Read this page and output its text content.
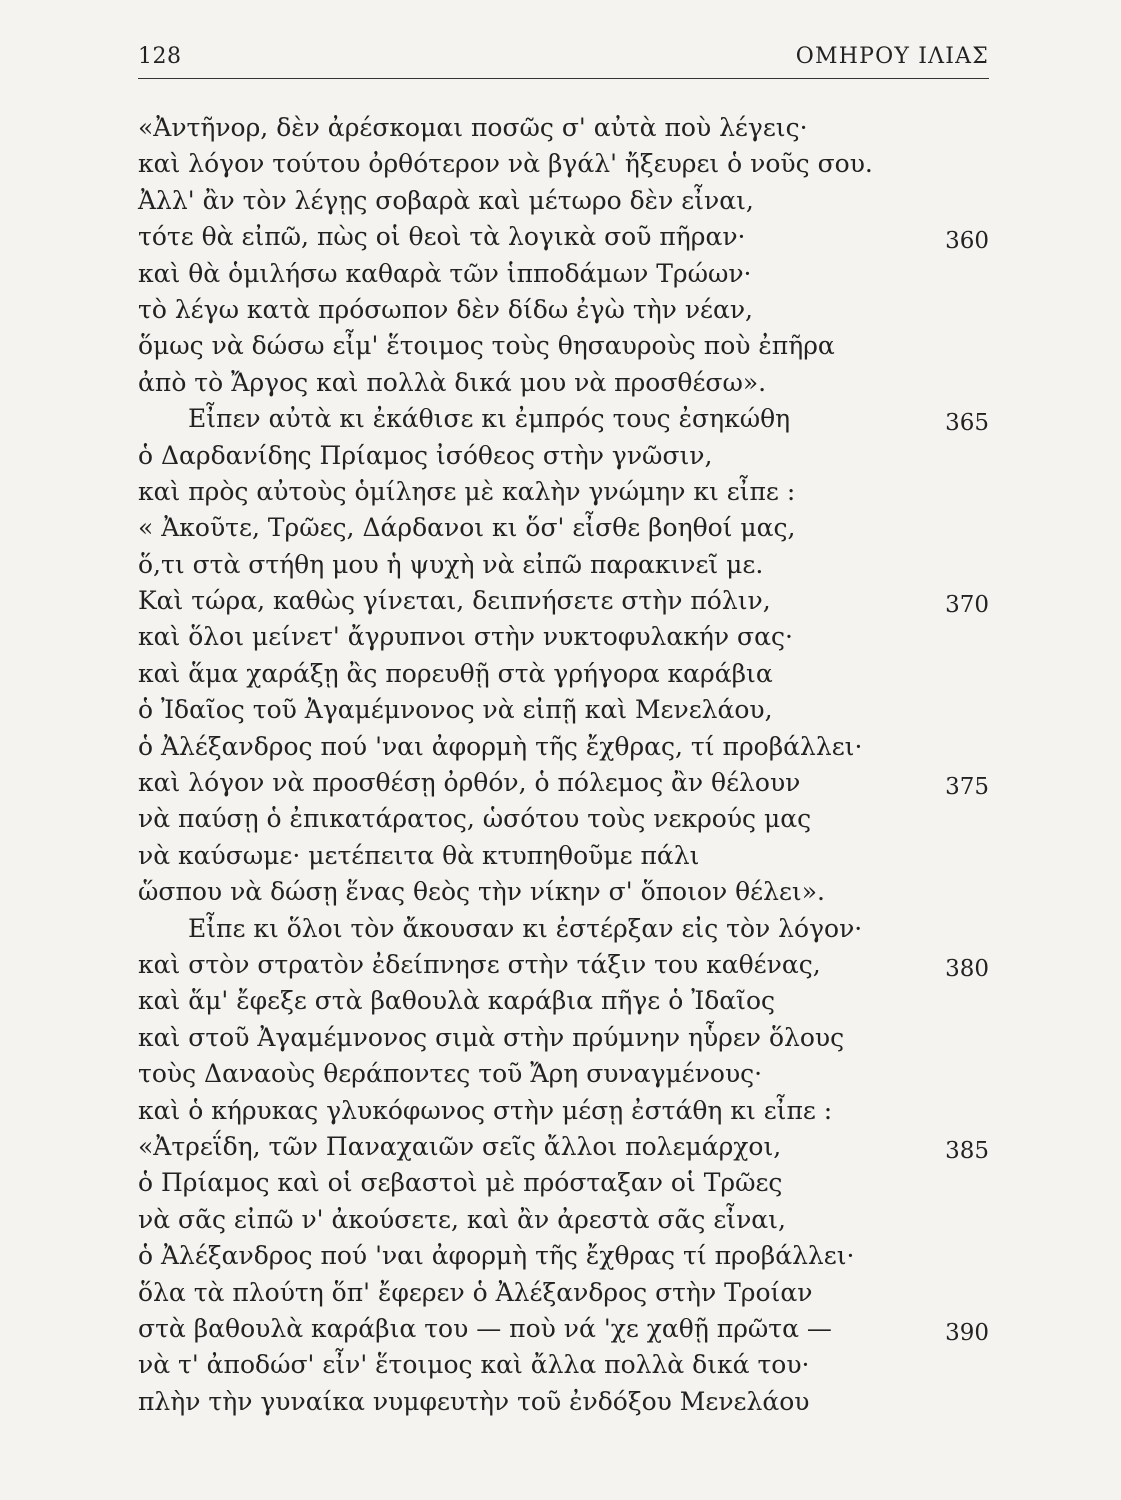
128	ΟΜΗΡΟΥ ΙΛΙΑΣ
«Ἀντῆνορ, δὲν ἀρέσκομαι ποσῶς σ' αὐτὰ ποὺ λέγεις·
καὶ λόγον τούτου ὀρθότερον νὰ βγάλ' ἤξευρει ὁ νοῦς σου.
Ἀλλ' ἂν τὸν λέγῃς σοβαρὰ καὶ μέτωρο δὲν εἶναι,
τότε θὰ εἰπῶ, πὼς οἱ θεοὶ τὰ λογικὰ σοῦ πῆραν·	360
καὶ θὰ ὁμιλήσω καθαρὰ τῶν ἱπποδάμων Τρώων·
τὸ λέγω κατὰ πρόσωπον δὲν δίδω ἐγὼ τὴν νέαν,
ὅμως νὰ δώσω εἶμ' ἕτοιμος τοὺς θησαυροὺς ποὺ ἐπῆρα
ἀπὸ τὸ Ἄργος καὶ πολλὰ δικά μου νὰ προσθέσω».
Εἶπεν αὐτὰ κι ἐκάθισε κι ἐμπρός τους ἐσηκώθη	365
ὁ Δαρδανίδης Πρίαμος ἰσόθεος στὴν γνῶσιν,
καὶ πρὸς αὐτοὺς ὁμίλησε μὲ καλὴν γνώμην κι εἶπε :
« Ἀκοῦτε, Τρῶες, Δάρδανοι κι ὅσ' εἶσθε βοηθοί μας,
ὅ,τι στὰ στήθη μου ἡ ψυχὴ νὰ εἰπῶ παρακινεῖ με.
Καὶ τώρα, καθὼς γίνεται, δειπνήσετε στὴν πόλιν,	370
καὶ ὅλοι μείνετ' ἄγρυπνοι στὴν νυκτοφυλακήν σας·
καὶ ἅμα χαράξῃ ἂς πορευθῇ στὰ γρήγορα καράβια
ὁ Ἰδαῖος τοῦ Ἀγαμέμνονος νὰ εἰπῇ καὶ Μενελάου,
ὁ Ἀλέξανδρος πού 'ναι ἀφορμὴ τῆς ἔχθρας, τί προβάλλει·
καὶ λόγον νὰ προσθέσῃ ὀρθόν, ὁ πόλεμος ἂν θέλουν	375
νὰ παύσῃ ὁ ἐπικατάρατος, ὡσότου τοὺς νεκρούς μας
νὰ καύσωμε· μετέπειτα θὰ κτυπηθοῦμε πάλι
ὥσπου νὰ δώσῃ ἕνας θεὸς τὴν νίκην σ' ὅποιον θέλει».
Εἶπε κι ὅλοι τὸν ἄκουσαν κι ἐστέρξαν εἰς τὸν λόγον·
καὶ στὸν στρατὸν ἐδείπνησε στὴν τάξιν του καθένας,	380
καὶ ἅμ' ἔφεξε στὰ βαθουλὰ καράβια πῆγε ὁ Ἰδαῖος
καὶ στοῦ Ἀγαμέμνονος σιμὰ στὴν πρύμνην ηὗρεν ὅλους
τοὺς Δαναοὺς θεράποντες τοῦ Ἄρη συναγμένους·
καὶ ὁ κήρυκας γλυκόφωνος στὴν μέσῃ ἐστάθη κι εἶπε :
«Ἀτρεΐδη, τῶν Παναχαιῶν σεῖς ἄλλοι πολεμάρχοι,	385
ὁ Πρίαμος καὶ οἱ σεβαστοὶ μὲ πρόσταξαν οἱ Τρῶες
νὰ σᾶς εἰπῶ ν' ἀκούσετε, καὶ ἂν ἀρεστὰ σᾶς εἶναι,
ὁ Ἀλέξανδρος πού 'ναι ἀφορμὴ τῆς ἔχθρας τί προβάλλει·
ὅλα τὰ πλούτη ὅπ' ἔφερεν ὁ Ἀλέξανδρος στὴν Τροίαν
στὰ βαθουλὰ καράβια του — ποὺ νά 'χε χαθῇ πρῶτα —	390
νὰ τ' ἀποδώσ' εἶν' ἕτοιμος καὶ ἄλλα πολλὰ δικά του·
πλὴν τὴν γυναίκα νυμφευτὴν τοῦ ἐνδόξου Μενελάου
